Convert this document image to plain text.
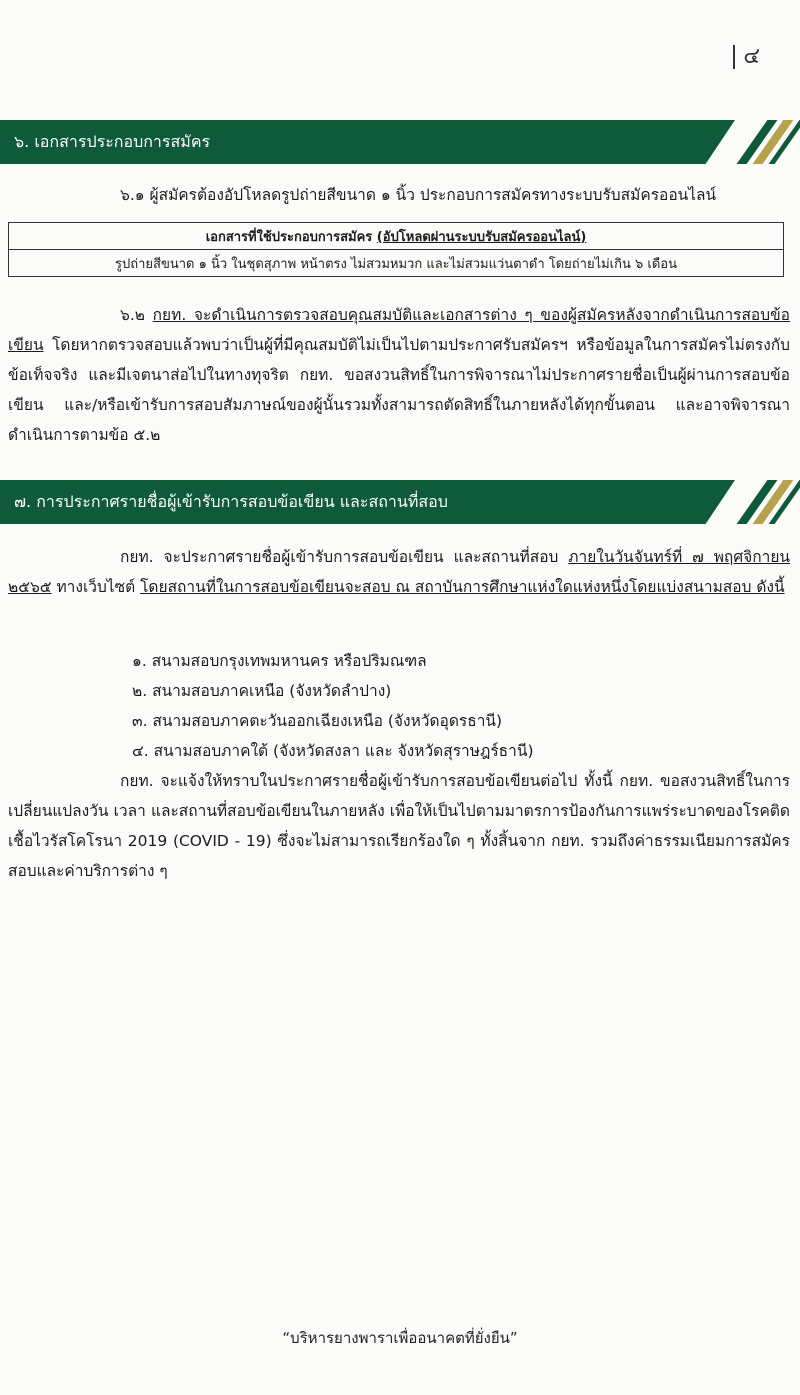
๔
๖. เอกสารประกอบการสมัคร
๖.๑ ผู้สมัครต้องอัปโหลดรูปถ่ายสีขนาด ๑ นิ้ว ประกอบการสมัครทางระบบรับสมัครออนไลน์
เอกสารที่ใช้ประกอบการสมัคร (อัปโหลดผ่านระบบรับสมัครออนไลน์)
รูปถ่ายสีขนาด ๑ นิ้ว ในชุดสุภาพ หน้าตรง ไม่สวมหมวก และไม่สวมแว่นตาดำ โดยถ่ายไม่เกิน ๖ เดือน
๖.๒ กยท. จะดำเนินการตรวจสอบคุณสมบัติและเอกสารต่าง ๆ ของผู้สมัครหลังจากดำเนินการสอบข้อเขียน โดยหากตรวจสอบแล้วพบว่าเป็นผู้ที่มีคุณสมบัติไม่เป็นไปตามประกาศรับสมัครฯ หรือข้อมูลในการสมัครไม่ตรงกับข้อเท็จจริง และมีเจตนาส่อไปในทางทุจริต กยท. ขอสงวนสิทธิ์ในการพิจารณาไม่ประกาศรายชื่อเป็นผู้ผ่านการสอบข้อเขียน และ/หรือเข้ารับการสอบสัมภาษณ์ของผู้นั้นรวมทั้งสามารถตัดสิทธิ์ในภายหลังได้ทุกขั้นตอน และอาจพิจารณาดำเนินการตามข้อ ๕.๒
๗. การประกาศรายชื่อผู้เข้ารับการสอบข้อเขียน และสถานที่สอบ
กยท. จะประกาศรายชื่อผู้เข้ารับการสอบข้อเขียน และสถานที่สอบ ภายในวันจันทร์ที่ ๗ พฤศจิกายน ๒๕๖๕ ทางเว็บไซต์ โดยสถานที่ในการสอบข้อเขียนจะสอบ ณ สถาบันการศึกษาแห่งใดแห่งหนึ่งโดยแบ่งสนามสอบ ดังนี้
๑. สนามสอบกรุงเทพมหานคร หรือปริมณฑล
๒. สนามสอบภาคเหนือ (จังหวัดลำปาง)
๓. สนามสอบภาคตะวันออกเฉียงเหนือ (จังหวัดอุดรธานี)
๔. สนามสอบภาคใต้ (จังหวัดสงลา และ จังหวัดสุราษฎร์ธานี)
กยท. จะแจ้งให้ทราบในประกาศรายชื่อผู้เข้ารับการสอบข้อเขียนต่อไป ทั้งนี้ กยท. ขอสงวนสิทธิ์ในการเปลี่ยนแปลงวัน เวลา และสถานที่สอบข้อเขียนในภายหลัง เพื่อให้เป็นไปตามมาตรการป้องกันการแพร่ระบาดของโรคติดเชื้อไวรัสโคโรนา 2019 (COVID - 19) ซึ่งจะไม่สามารถเรียกร้องใด ๆ ทั้งสิ้นจาก กยท. รวมถึงค่าธรรมเนียมการสมัครสอบและค่าบริการต่าง ๆ
“บริหารยางพาราเพื่ออนาคตที่ยั่งยืน”
